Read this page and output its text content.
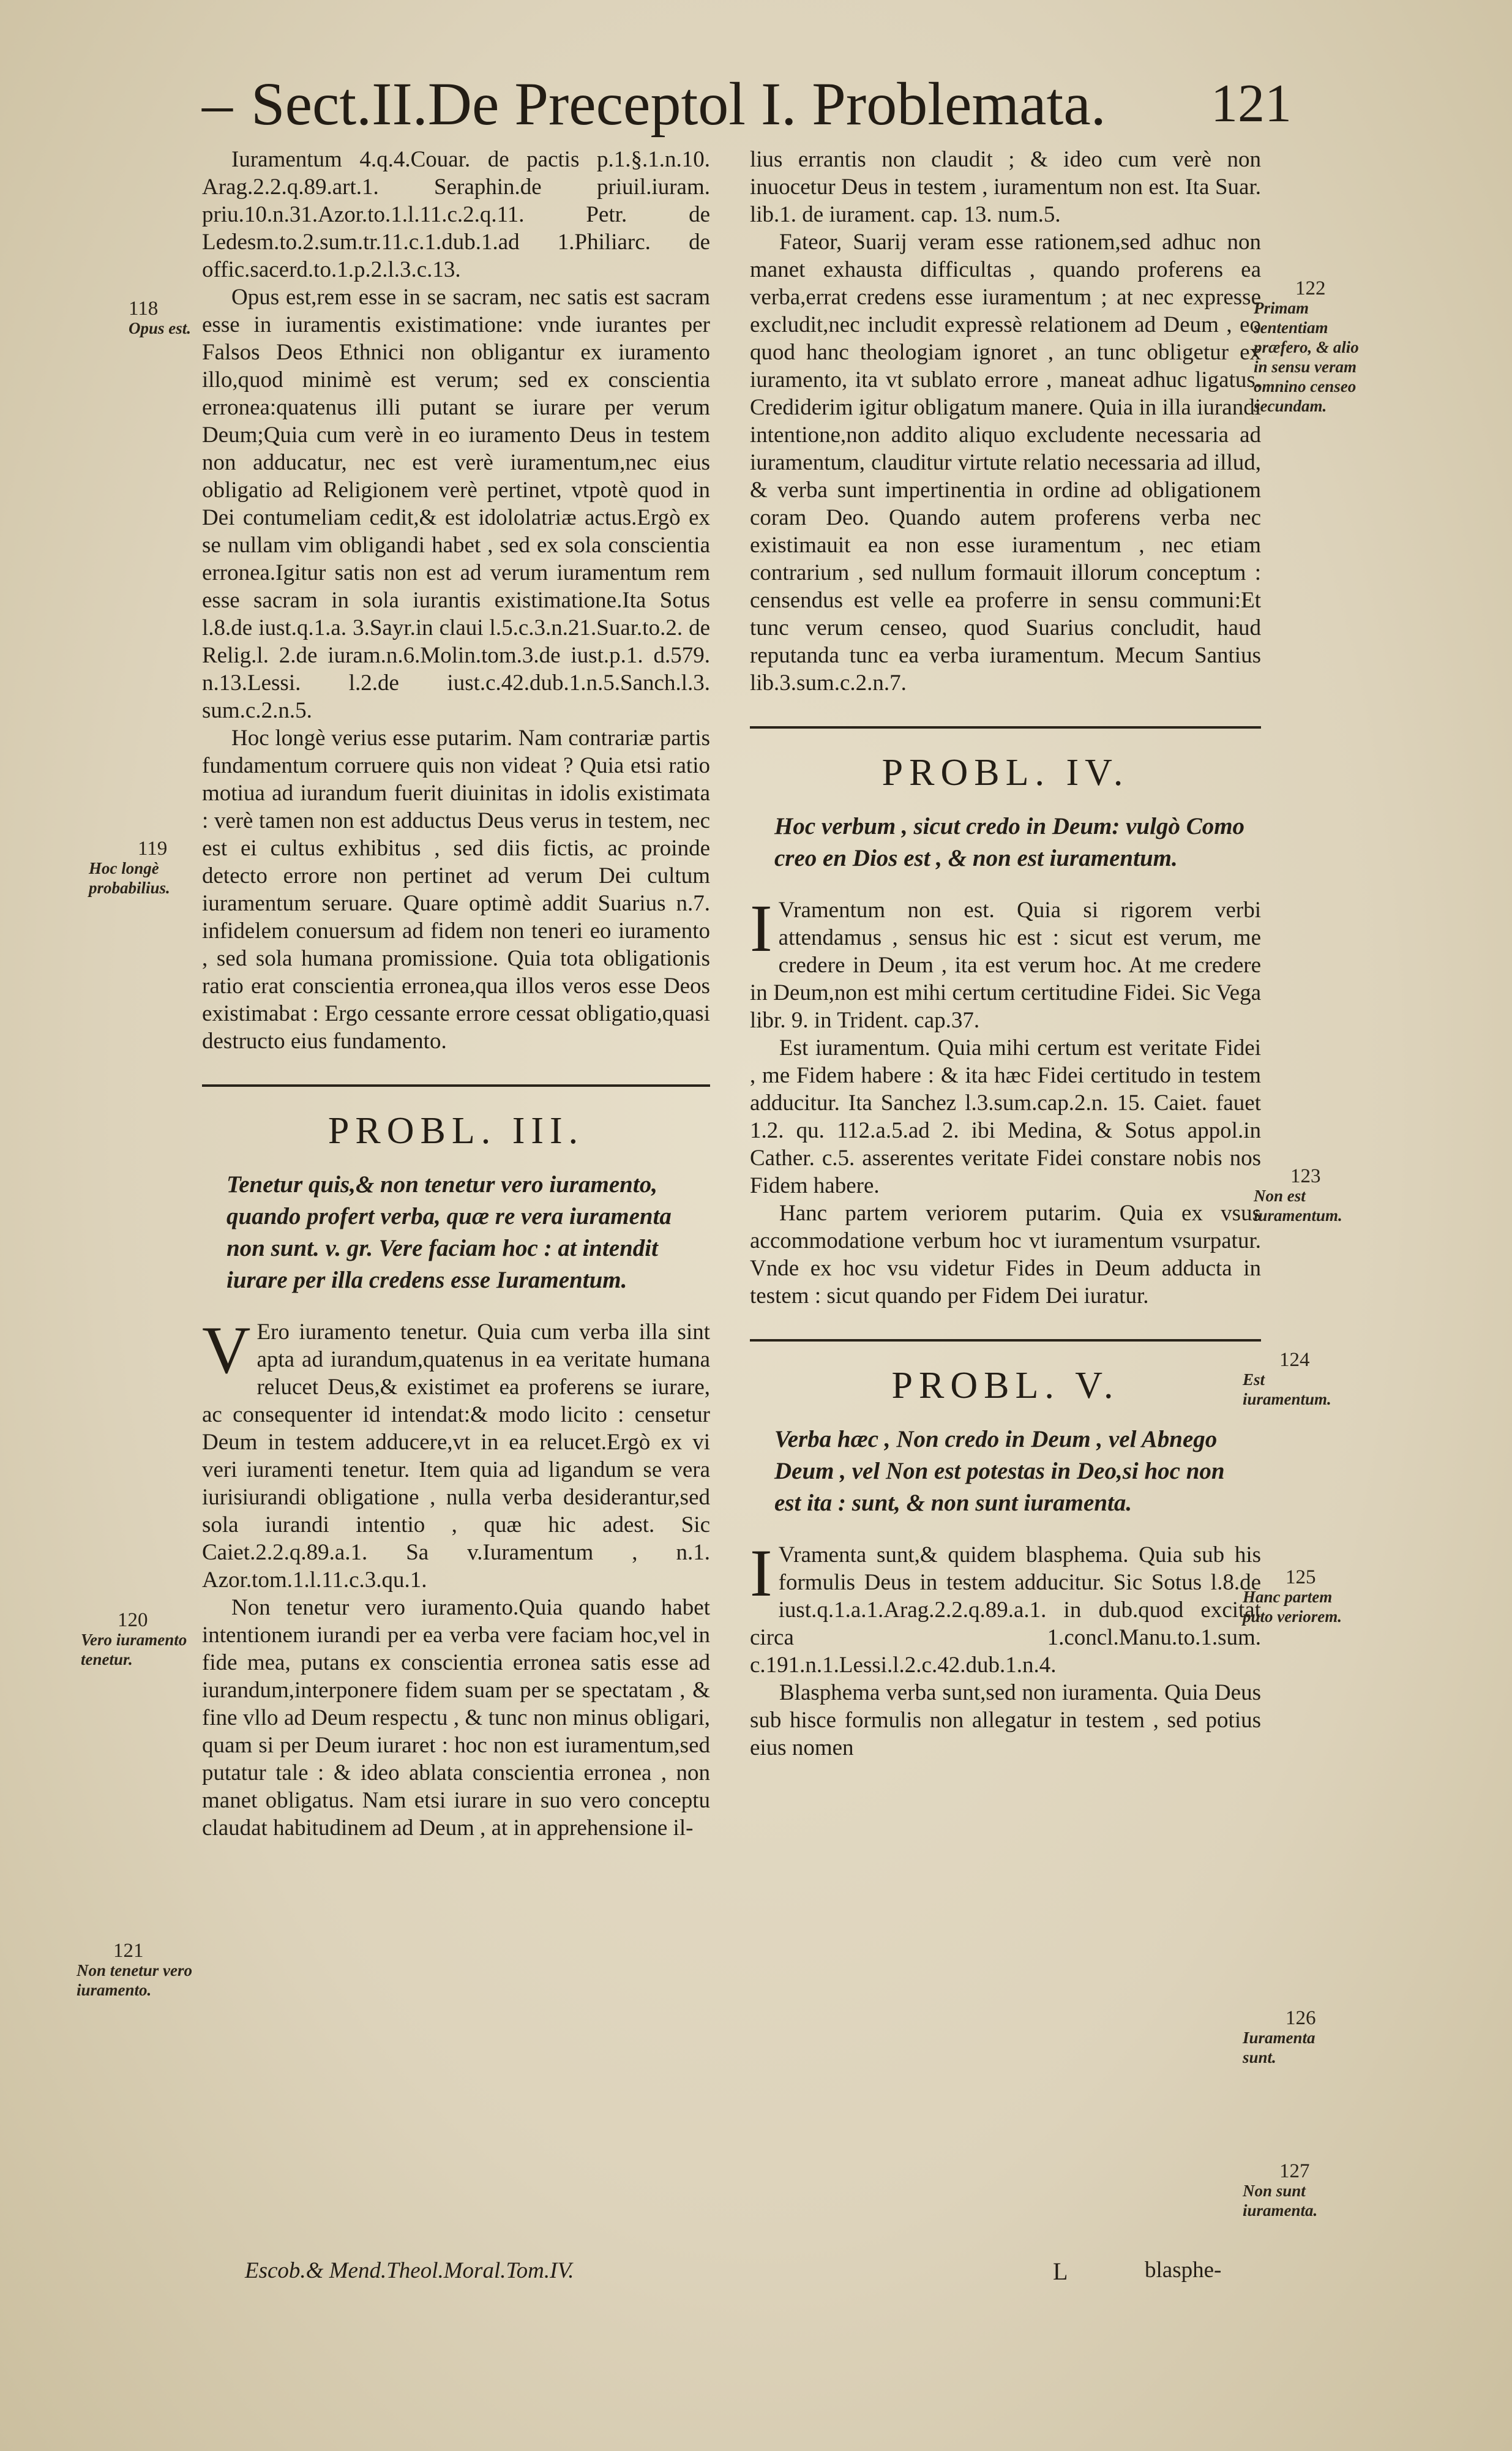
– Sect.II.De Preceptol I. Problemata. 121

Iuramentum 4.q.4.Couar. de pactis p.1.§.1.n.10. Arag.2.2.q.89.art.1. Seraphin.de priuil.iuram. priu.10.n.31.Azor.to.1.l.11.c.2.q.11. Petr. de Ledesm.to.2.sum.tr.11.c.1.dub.1.ad 1.Philiarc. de offic.sacerd.to.1.p.2.l.3.c.13.

Opus est,rem esse in se sacram, nec satis est sacram esse in iuramentis existimatione: vnde iurantes per Falsos Deos Ethnici non obligantur ex iuramento illo,quod minimè est verum; sed ex conscientia erronea:quatenus illi putant se iurare per verum Deum;Quia cum verè in eo iuramento Deus in testem non adducatur, nec est verè iuramentum,nec eius obligatio ad Religionem verè pertinet, vtpotè quod in Dei contumeliam cedit,& est idololatriæ actus.Ergò ex se nullam vim obligandi habet , sed ex sola conscientia erronea.Igitur satis non est ad verum iuramentum rem esse sacram in sola iurantis existimatione.Ita Sotus l.8.de iust.q.1.a. 3.Sayr.in claui l.5.c.3.n.21.Suar.to.2. de Relig.l. 2.de iuram.n.6.Molin.tom.3.de iust.p.1. d.579. n.13.Lessi. l.2.de iust.c.42.dub.1.n.5.Sanch.l.3. sum.c.2.n.5.

Hoc longè verius esse putarim. Nam contrariæ partis fundamentum corruere quis non videat ? Quia etsi ratio motiua ad iurandum fuerit diuinitas in idolis existimata : verè tamen non est adductus Deus verus in testem, nec est ei cultus exhibitus , sed diis fictis, ac proinde detecto errore non pertinet ad verum Dei cultum iuramentum seruare. Quare optimè addit Suarius n.7. infidelem conuersum ad fidem non teneri eo iuramento , sed sola humana promissione. Quia tota obligationis ratio erat conscientia erronea,qua illos veros esse Deos existimabat : Ergo cessante errore cessat obligatio,quasi destructo eius fundamento.

PROBL. III.
Tenetur quis,& non tenetur vero iuramento, quando profert verba, quæ re vera iuramenta non sunt. v. gr. Vere faciam hoc : at intendit iurare per illa credens esse Iuramentum.

V Ero iuramento tenetur. Quia cum verba illa sint apta ad iurandum,quatenus in ea veritate humana relucet Deus,& existimet ea proferens se iurare, ac consequenter id intendat:& modo licito : censetur Deum in testem adducere,vt in ea relucet.Ergò ex vi veri iuramenti tenetur. Item quia ad ligandum se vera iurisiurandi obligatione , nulla verba desiderantur,sed sola iurandi intentio , quæ hic adest. Sic Caiet.2.2.q.89.a.1. Sa v.Iuramentum , n.1. Azor.tom.1.l.11.c.3.qu.1.

Non tenetur vero iuramento.Quia quando habet intentionem iurandi per ea verba vere faciam hoc,vel in fide mea, putans ex conscientia erronea satis esse ad iurandum,interponere fidem suam per se spectatam , & fine vllo ad Deum respectu , & tunc non minus obligari, quam si per Deum iuraret : hoc non est iuramentum,sed putatur tale : & ideo ablata conscientia erronea , non manet obligatus. Nam etsi iurare in suo vero conceptu claudat habitudinem ad Deum , at in apprehensione il-

lius errantis non claudit ; & ideo cum verè non inuocetur Deus in testem , iuramentum non est. Ita Suar. lib.1. de iurament. cap. 13. num.5.

Fateor, Suarij veram esse rationem,sed adhuc non manet exhausta difficultas , quando proferens ea verba,errat credens esse iuramentum ; at nec expresse excludit,nec includit expressè relationem ad Deum , eo quod hanc theologiam ignoret , an tunc obligetur ex iuramento, ita vt sublato errore , maneat adhuc ligatus. Crediderim igitur obligatum manere. Quia in illa iurandi intentione,non addito aliquo excludente necessaria ad iuramentum, clauditur virtute relatio necessaria ad illud, & verba sunt impertinentia in ordine ad obligationem coram Deo. Quando autem proferens verba nec existimauit ea non esse iuramentum , nec etiam contrarium , sed nullum formauit illorum conceptum : censendus est velle ea proferre in sensu communi:Et tunc verum censeo, quod Suarius concludit, haud reputanda tunc ea verba iuramentum. Mecum Santius lib.3.sum.c.2.n.7.

PROBL. IV.
Hoc verbum , sicut credo in Deum: vulgò Como creo en Dios est , & non est iuramentum.

I Vramentum non est. Quia si rigorem verbi attendamus , sensus hic est : sicut est verum, me credere in Deum , ita est verum hoc. At me credere in Deum,non est mihi certum certitudine Fidei. Sic Vega libr. 9. in Trident. cap.37.

Est iuramentum. Quia mihi certum est veritate Fidei , me Fidem habere : & ita hæc Fidei certitudo in testem adducitur. Ita Sanchez l.3.sum.cap.2.n. 15. Caiet. fauet 1.2. qu. 112.a.5.ad 2. ibi Medina, & Sotus appol.in Cather. c.5. asserentes veritate Fidei constare nobis nos Fidem habere.

Hanc partem veriorem putarim. Quia ex vsus accommodatione verbum hoc vt iuramentum vsurpatur. Vnde ex hoc vsu videtur Fides in Deum adducta in testem : sicut quando per Fidem Dei iuratur.

PROBL. V.
Verba hæc , Non credo in Deum , vel Abnego Deum , vel Non est potestas in Deo,si hoc non est ita : sunt, & non sunt iuramenta.

I Vramenta sunt,& quidem blasphema. Quia sub his formulis Deus in testem adducitur. Sic Sotus l.8.de iust.q.1.a.1.Arag.2.2.q.89.a.1. in dub.quod excitat circa 1.concl.Manu.to.1.sum. c.191.n.1.Lessi.l.2.c.42.dub.1.n.4.

Blasphema verba sunt,sed non iuramenta. Quia Deus sub hisce formulis non allegatur in testem , sed potius eius nomen

118
Opus est.
119
Hoc longè probabilius.
120
Vero iuramento tenetur.
121
Non tenetur vero iuramento.
122
Primam sententiam præfero, & alio in sensu veram omnino censeo secundam.
123
Non est iuramentum.
124
Est iuramentum.
125
Hanc partem puto veriorem.
126
Iuramenta sunt.
127
Non sunt iuramenta.
Escob.& Mend.Theol.Moral.Tom.IV.	L	blasphe-
